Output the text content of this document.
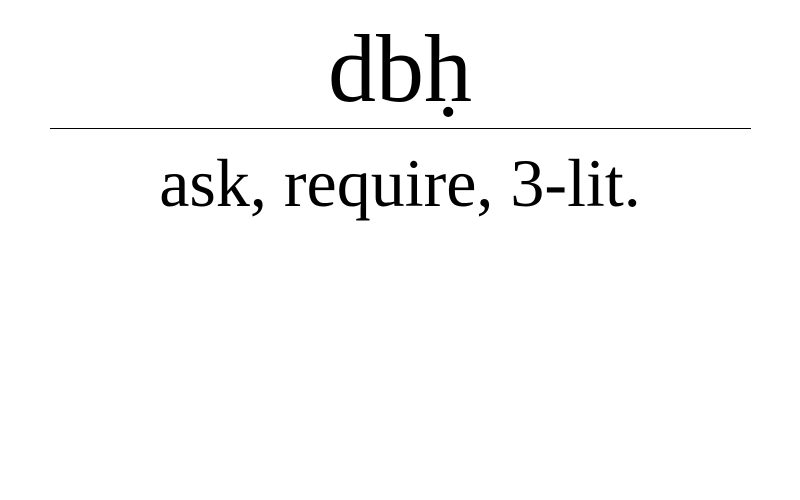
dbḥ
ask, require, 3-lit.
